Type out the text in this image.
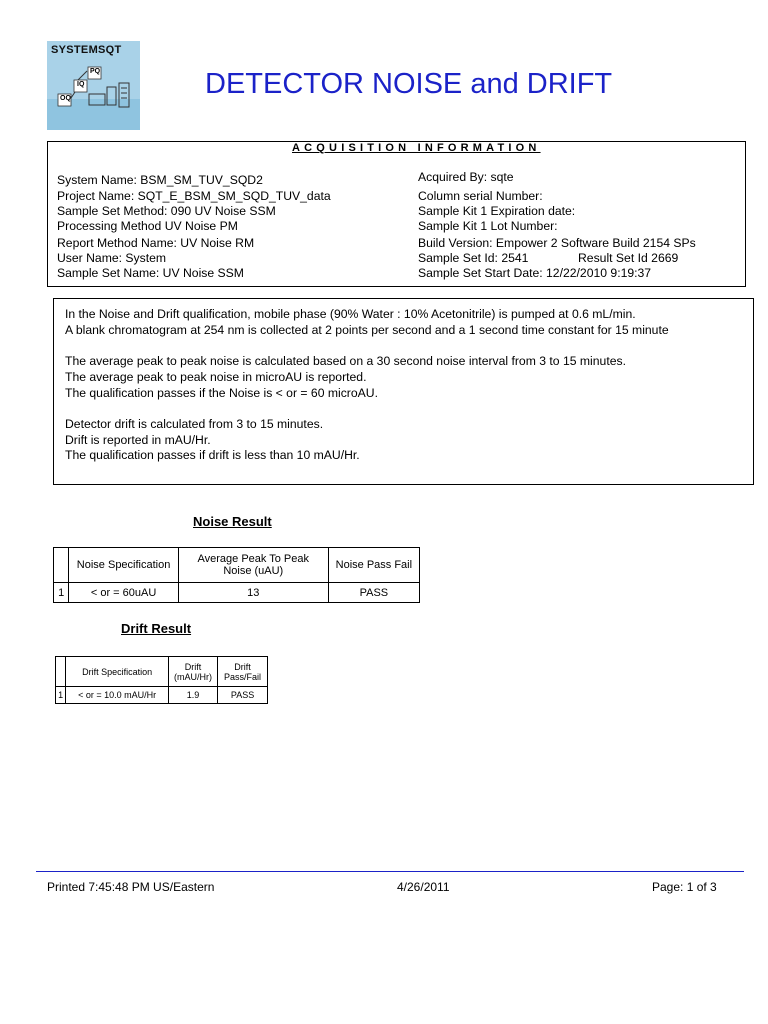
SYSTEMSQT
PQ
IQ
OQ	DETECTOR NOISE and DRIFT
ACQUISITION INFORMATION
System Name: BSM_SM_TUV_SQD2
Project Name: SQT_E_BSM_SM_SQD_TUV_data
Sample Set Method: 090 UV Noise SSM
Processing Method UV Noise PM
Report Method Name: UV Noise RM
User Name: System
Sample Set Name: UV Noise SSM
Acquired By: sqte
Column serial Number:
Sample Kit 1 Expiration date:
Sample Kit 1 Lot Number:
Build Version: Empower 2 Software Build 2154 SPs
Sample Set Id: 2541	Result Set Id 2669
Sample Set Start Date: 12/22/2010 9:19:37
In the Noise and Drift qualification, mobile phase (90% Water : 10% Acetonitrile) is pumped at 0.6 mL/min.
A blank chromatogram at 254 nm is collected at 2 points per second and a 1 second time constant for 15 minute
The average peak to peak noise is calculated based on a 30 second noise interval from 3 to 15 minutes.
The average peak to peak noise in microAU is reported.
The qualification passes if the Noise is < or = 60 microAU.
Detector drift is calculated from 3 to 15 minutes.
Drift is reported in mAU/Hr.
The qualification passes if drift is less than 10 mAU/Hr.
Noise Result
	Noise Specification	Average Peak To Peak Noise (uAU)	Noise Pass Fail
1	< or = 60uAU	13	PASS
Drift Result
	Drift Specification	Drift (mAU/Hr)	Drift Pass/Fail
1	< or = 10.0 mAU/Hr	1.9	PASS
Printed 7:45:48 PM US/Eastern	4/26/2011	Page: 1 of 3
